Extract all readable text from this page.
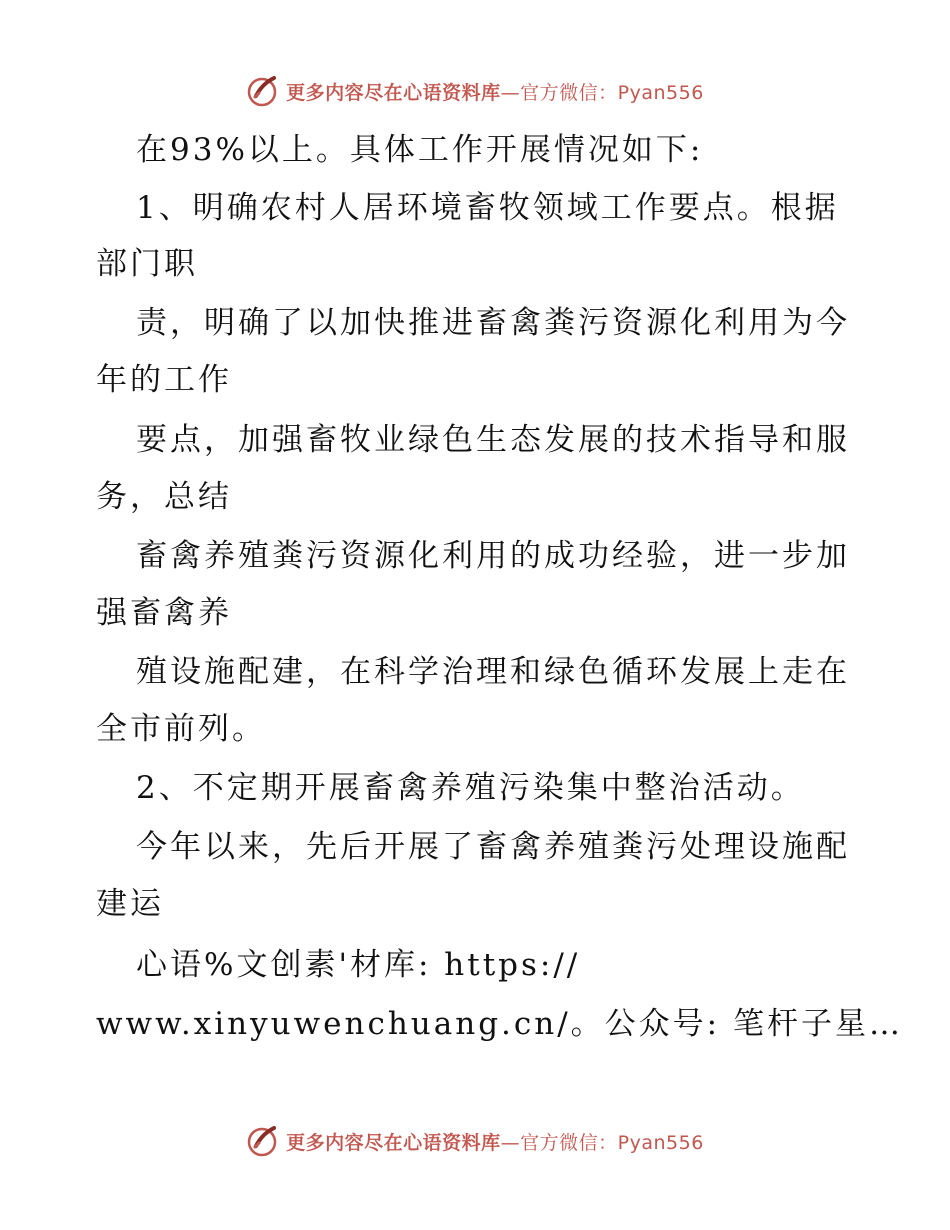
更多内容尽在心语资料库—官方微信：Pyan556
在93%以上。具体工作开展情况如下:
1、明确农村人居环境畜牧领域工作要点。根据
部门职
责，明确了以加快推进畜禽粪污资源化利用为今
年的工作
要点，加强畜牧业绿色生态发展的技术指导和服
务，总结
畜禽养殖粪污资源化利用的成功经验，进一步加
强畜禽养
殖设施配建，在科学治理和绿色循环发展上走在
全市前列。
2、不定期开展畜禽养殖污染集中整治活动。
今年以来，先后开展了畜禽养殖粪污处理设施配
建运
心语%文创素'材库: https://
www.xinyuwenchuang.cn/。公众号: 笔杆子星…
更多内容尽在心语资料库—官方微信：Pyan556
